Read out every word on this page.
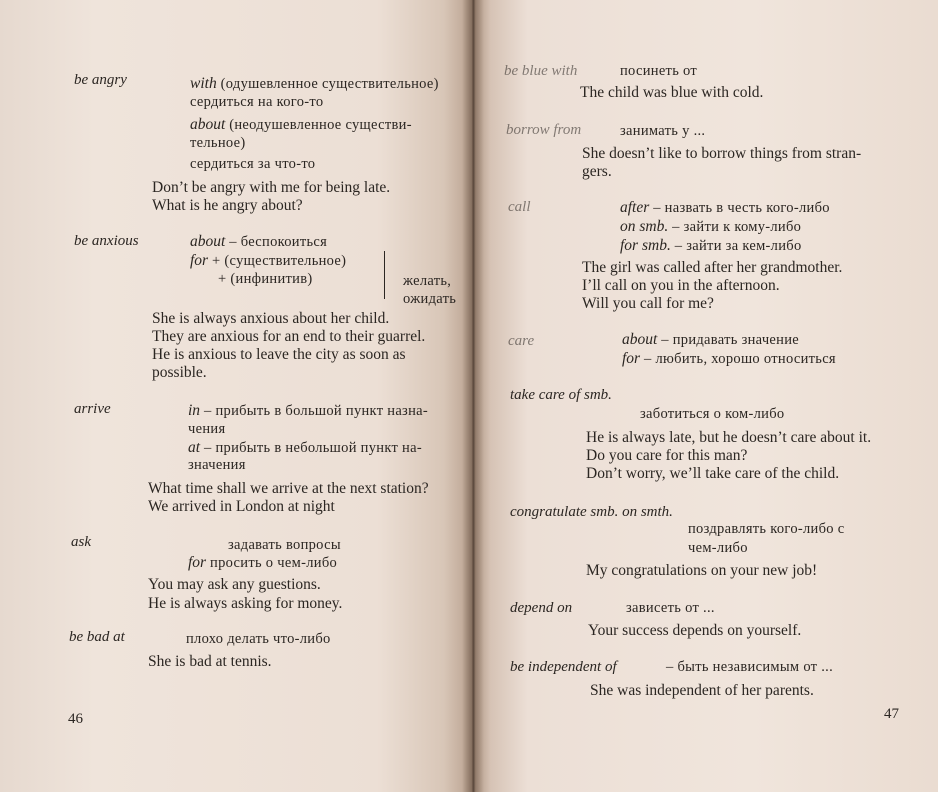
be angry	with (одушевленное существительное)
сердиться на кого-то
about (неодушевленное существи-
тельное)
сердиться за что-то
Don’t be angry with me for being late.
What is he angry about?
be anxious	about – беспокоиться
for + (существительное)
+ (инфинитив)	желать,
ожидать
She is always anxious about her child.
They are anxious for an end to their guarrel.
He is anxious to leave the city as soon as
possible.
arrive	in – прибыть в большой пункт назна-
чения
at – прибыть в небольшой пункт на-
значения
What time shall we arrive at the next station?
We arrived in London at night
ask	задавать вопросы
for просить о чем-либо
You may ask any guestions.
He is always asking for money.
be bad at	плохо делать что-либо
She is bad at tennis.
46
be blue with	посинеть от
The child was blue with cold.
borrow from	занимать у ...
She doesn’t like to borrow things from stran-
gers.
call	after – назвать в честь кого-либо
on smb. – зайти к кому-либо
for smb. – зайти за кем-либо
The girl was called after her grandmother.
I’ll call on you in the afternoon.
Will you call for me?
care	about – придавать значение
for – любить, хорошо относиться
take care of smb.
заботиться о ком-либо
He is always late, but he doesn’t care about it.
Do you care for this man?
Don’t worry, we’ll take care of the child.
congratulate smb. on smth.
поздравлять кого-либо с
чем-либо
My congratulations on your new job!
depend on	зависеть от ...
Your success depends on yourself.
be independent of	– быть независимым от ...
She was independent of her parents.
47
